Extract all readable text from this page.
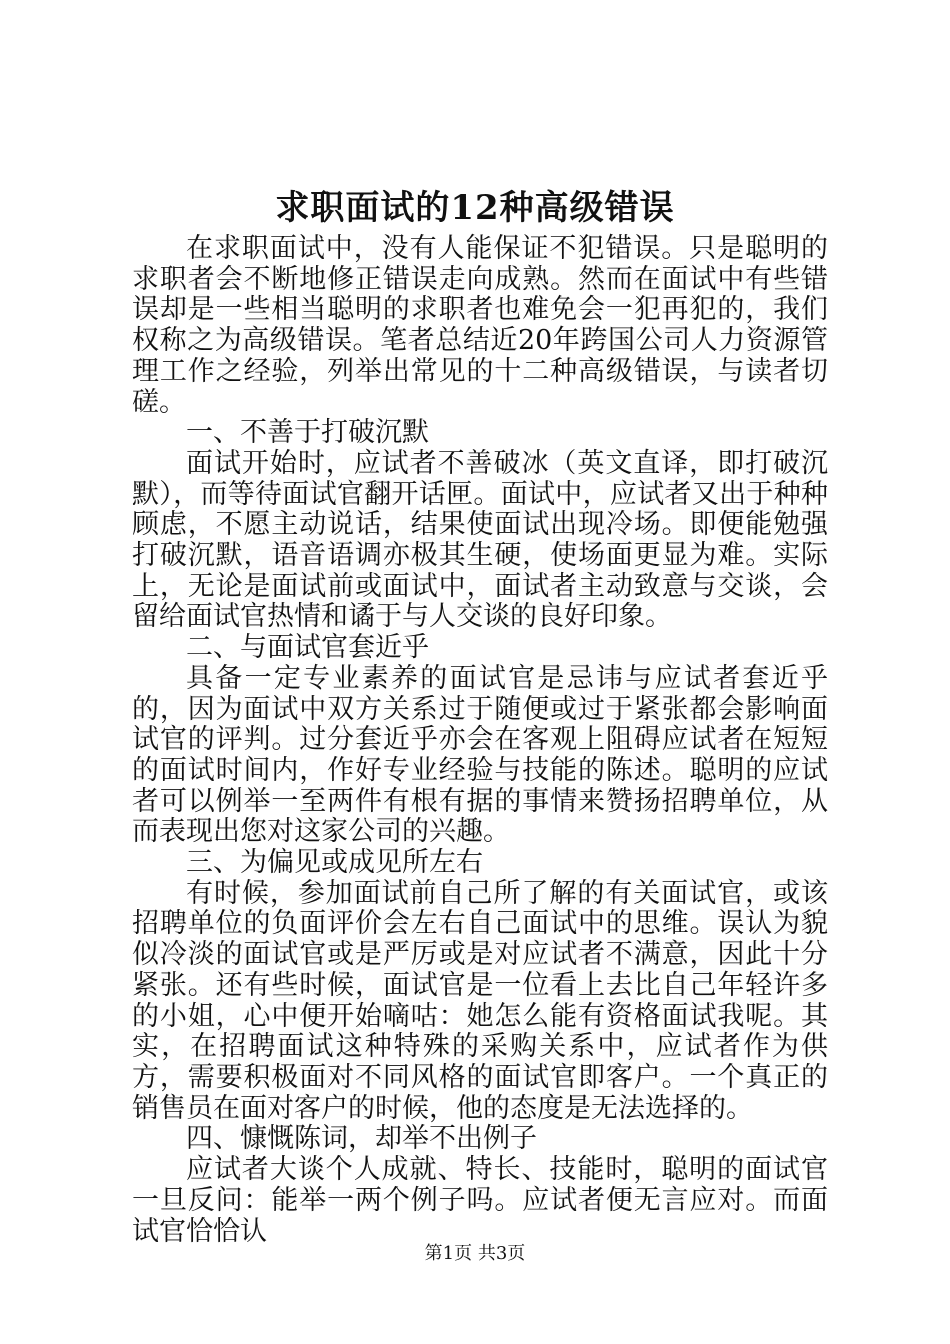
求职面试的12种高级错误

在求职面试中，没有人能保证不犯错误。只是聪明的求职者会不断地修正错误走向成熟。然而在面试中有些错误却是一些相当聪明的求职者也难免会一犯再犯的，我们权称之为高级错误。笔者总结近20年跨国公司人力资源管理工作之经验，列举出常见的十二种高级错误，与读者切磋。

一、不善于打破沉默

面试开始时，应试者不善破冰（英文直译，即打破沉默），而等待面试官翻开话匣。面试中，应试者又出于种种顾虑，不愿主动说话，结果使面试出现冷场。即便能勉强打破沉默，语音语调亦极其生硬，使场面更显为难。实际上，无论是面试前或面试中，面试者主动致意与交谈，会留给面试官热情和谲于与人交谈的良好印象。

二、与面试官套近乎

具备一定专业素养的面试官是忌讳与应试者套近乎的，因为面试中双方关系过于随便或过于紧张都会影响面试官的评判。过分套近乎亦会在客观上阻碍应试者在短短的面试时间内，作好专业经验与技能的陈述。聪明的应试者可以例举一至两件有根有据的事情来赞扬招聘单位，从而表现出您对这家公司的兴趣。

三、为偏见或成见所左右

有时候，参加面试前自己所了解的有关面试官，或该招聘单位的负面评价会左右自己面试中的思维。误认为貌似冷淡的面试官或是严厉或是对应试者不满意，因此十分紧张。还有些时候，面试官是一位看上去比自己年轻许多的小姐，心中便开始嘀咕：她怎么能有资格面试我呢。其实，在招聘面试这种特殊的采购关系中，应试者作为供方，需要积极面对不同风格的面试官即客户。一个真正的销售员在面对客户的时候，他的态度是无法选择的。

四、慷慨陈词，却举不出例子

应试者大谈个人成就、特长、技能时，聪明的面试官一旦反问：能举一两个例子吗。应试者便无言应对。而面试官恰恰认

第1页 共3页
